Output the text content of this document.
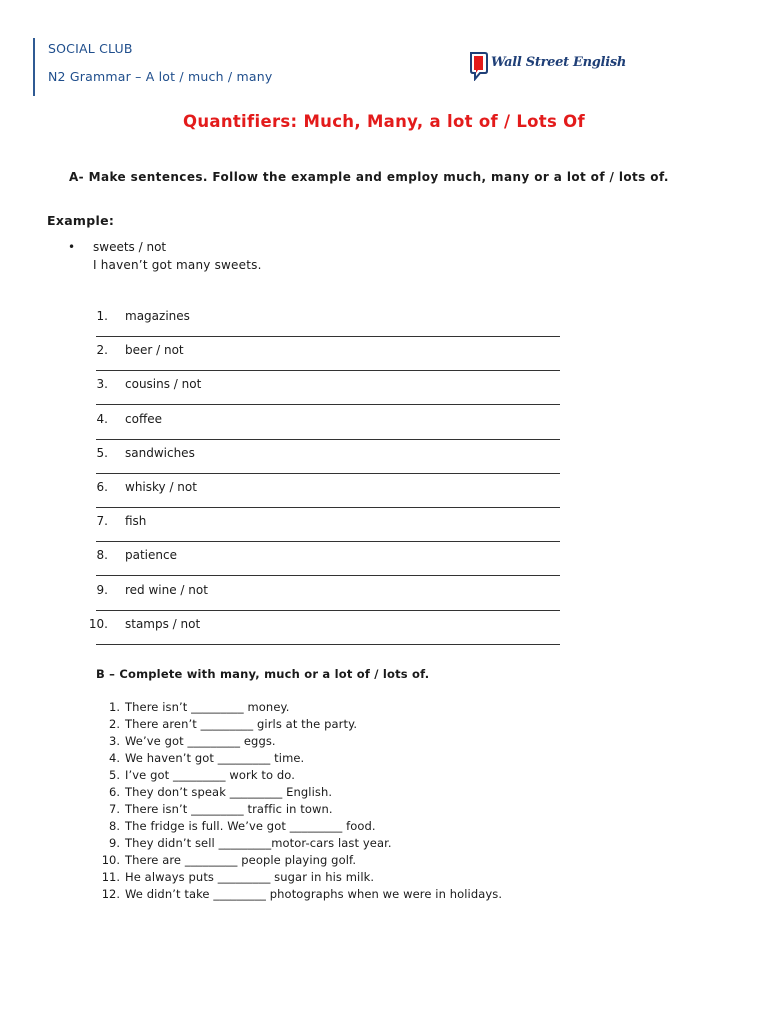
SOCIAL CLUB
N2 Grammar – A lot / much / many
Wall Street English
Quantifiers: Much, Many, a lot of / Lots Of
A- Make sentences. Follow the example and employ much, many or a lot of / lots of.
Example:
• sweets / not
I haven’t got many sweets.
1. magazines
2. beer / not
3. cousins / not
4. coffee
5. sandwiches
6. whisky / not
7. fish
8. patience
9. red wine / not
10. stamps / not
B – Complete with many, much or a lot of / lots of.
1. There isn’t _________ money.
2. There aren’t _________ girls at the party.
3. We’ve got _________ eggs.
4. We haven’t got _________ time.
5. I’ve got _________ work to do.
6. They don’t speak _________ English.
7. There isn’t _________ traffic in town.
8. The fridge is full. We’ve got _________ food.
9. They didn’t sell _________motor-cars last year.
10. There are _________ people playing golf.
11. He always puts _________ sugar in his milk.
12. We didn’t take _________ photographs when we were in holidays.
